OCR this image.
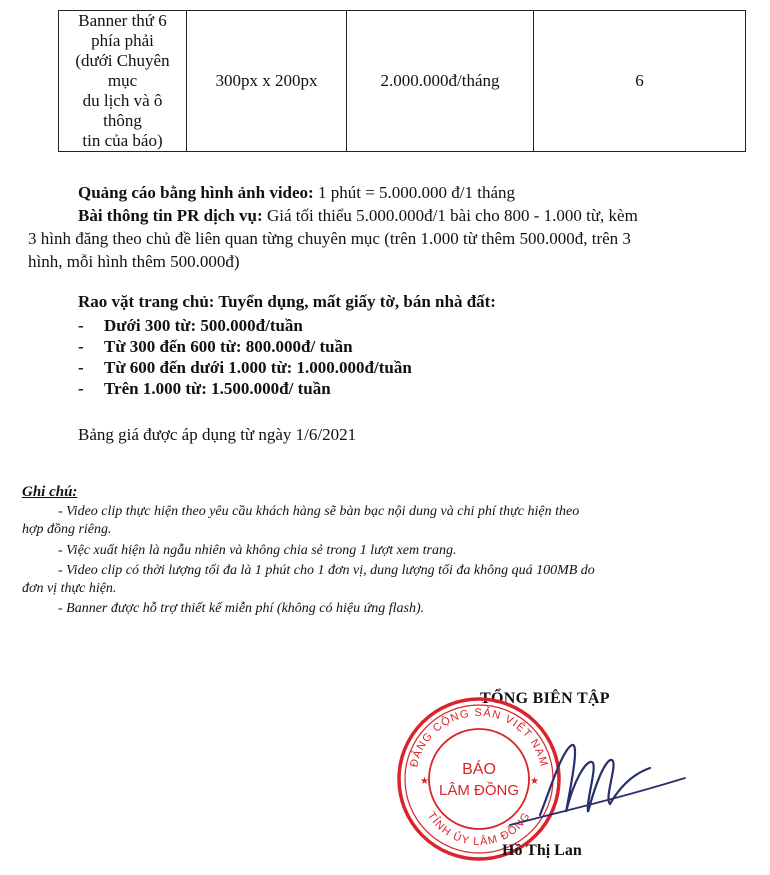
Banner thứ 6
phía phải
(dưới Chuyên mục
du lịch và ô thông
tin của báo)
	300px x 200px	2.000.000đ/tháng	6
Quảng cáo bằng hình ảnh video: 1 phút = 5.000.000 đ/1 tháng
Bài thông tin PR dịch vụ: Giá tối thiểu 5.000.000đ/1 bài cho 800 - 1.000 từ, kèm
3 hình đăng theo chủ đề liên quan từng chuyên mục (trên 1.000 từ thêm 500.000đ, trên 3
hình, mỗi hình thêm 500.000đ)
Rao vặt trang chủ: Tuyển dụng, mất giấy tờ, bán nhà đất:
- Dưới 300 từ: 500.000đ/tuần
- Từ 300 đến 600 từ: 800.000đ/ tuần
- Từ 600 đến dưới 1.000 từ: 1.000.000đ/tuần
- Trên 1.000 từ: 1.500.000đ/ tuần
Bảng giá được áp dụng từ ngày 1/6/2021
Ghi chú:
- Video clip thực hiện theo yêu cầu khách hàng sẽ bàn bạc nội dung và chi phí thực hiện theo
hợp đồng riêng.
- Việc xuất hiện là ngẫu nhiên và không chia sẻ trong 1 lượt xem trang.
- Video clip có thời lượng tối đa là 1 phút cho 1 đơn vị, dung lượng tối đa không quá 100MB do
đơn vị thực hiện.
- Banner được hỗ trợ thiết kế miễn phí (không có hiệu ứng flash).
TỔNG BIÊN TẬP
ĐẢNG CỘNG SẢN VIỆT NAM
TỈNH ỦY LÂM ĐỒNG
★	★
BÁO
LÂM ĐỒNG
Hồ Thị Lan
